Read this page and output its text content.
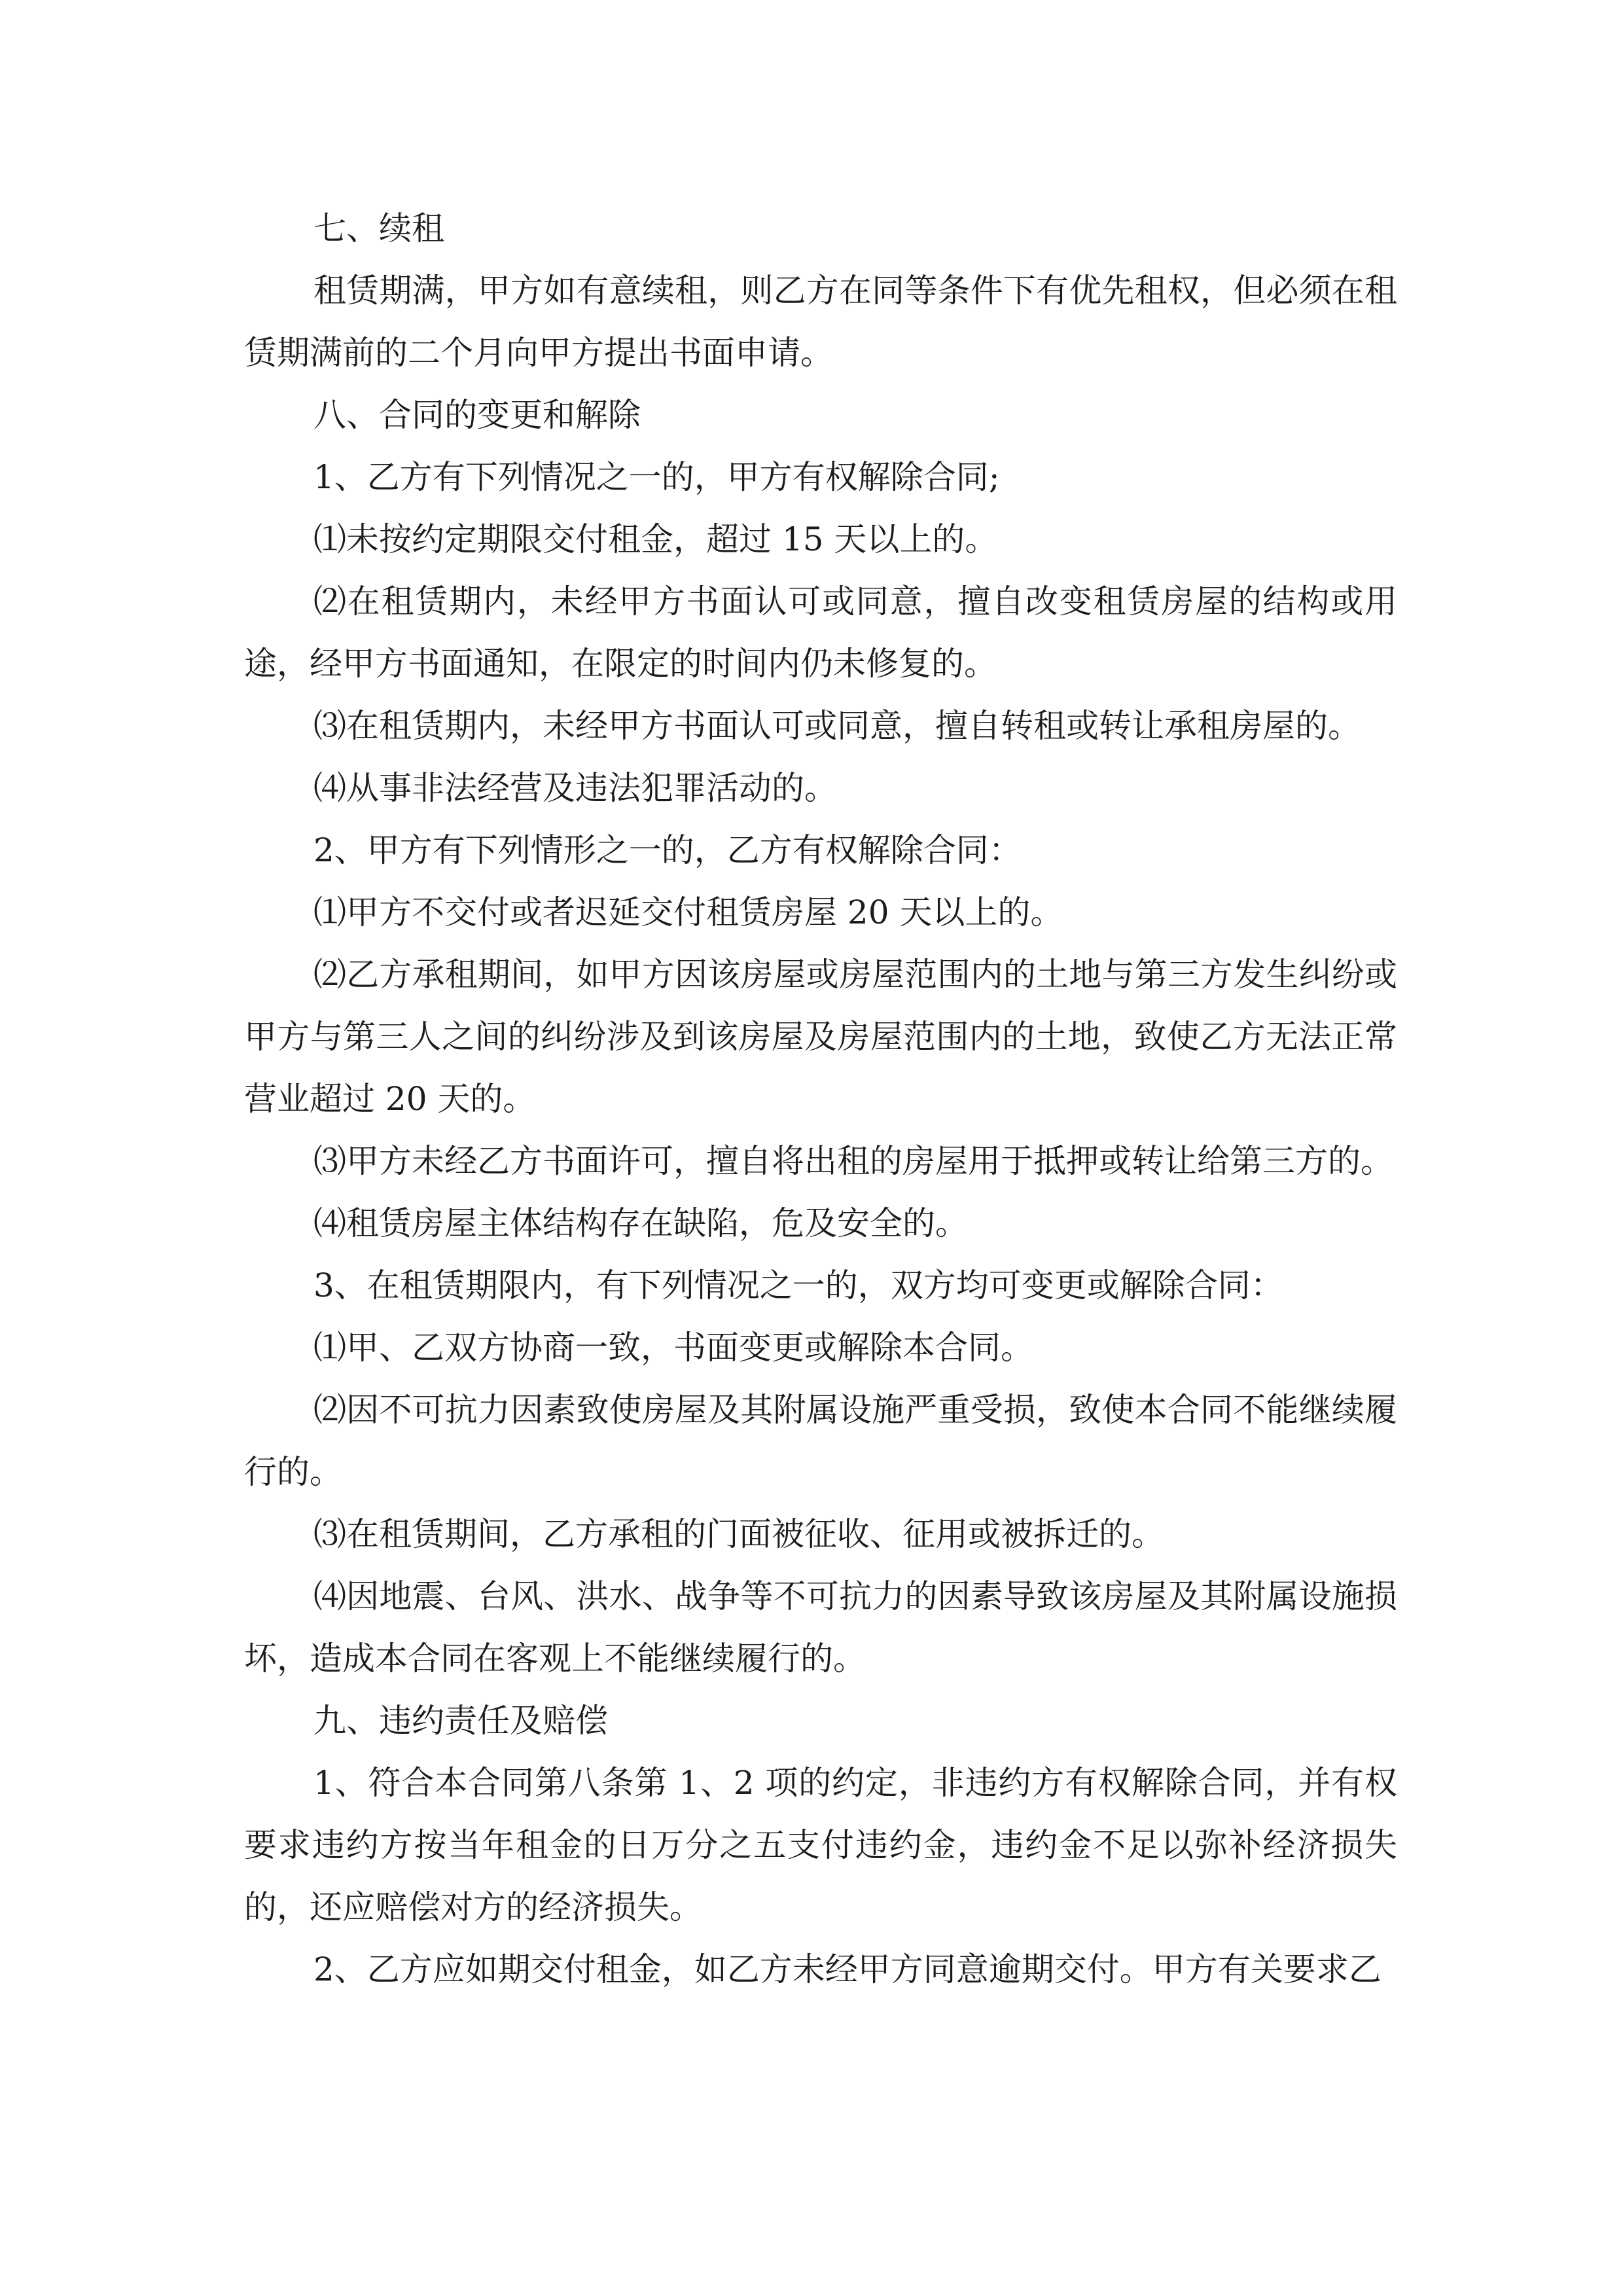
七、续租

租赁期满，甲方如有意续租，则乙方在同等条件下有优先租权，但必须在租赁期满前的二个月向甲方提出书面申请。

八、合同的变更和解除

1、乙方有下列情况之一的，甲方有权解除合同;

⑴未按约定期限交付租金，超过 15 天以上的。

⑵在租赁期内，未经甲方书面认可或同意，擅自改变租赁房屋的结构或用途，经甲方书面通知，在限定的时间内仍未修复的。

⑶在租赁期内，未经甲方书面认可或同意，擅自转租或转让承租房屋的。

⑷从事非法经营及违法犯罪活动的。

2、甲方有下列情形之一的，乙方有权解除合同：

⑴甲方不交付或者迟延交付租赁房屋 20 天以上的。

⑵乙方承租期间，如甲方因该房屋或房屋范围内的土地与第三方发生纠纷或甲方与第三人之间的纠纷涉及到该房屋及房屋范围内的土地，致使乙方无法正常营业超过 20 天的。

⑶甲方未经乙方书面许可，擅自将出租的房屋用于抵押或转让给第三方的。

⑷租赁房屋主体结构存在缺陷，危及安全的。

3、在租赁期限内，有下列情况之一的，双方均可变更或解除合同：

⑴甲、乙双方协商一致，书面变更或解除本合同。

⑵因不可抗力因素致使房屋及其附属设施严重受损，致使本合同不能继续履行的。

⑶在租赁期间，乙方承租的门面被征收、征用或被拆迁的。

⑷因地震、台风、洪水、战争等不可抗力的因素导致该房屋及其附属设施损坏，造成本合同在客观上不能继续履行的。

九、违约责任及赔偿

1、符合本合同第八条第 1、2 项的约定，非违约方有权解除合同，并有权要求违约方按当年租金的日万分之五支付违约金，违约金不足以弥补经济损失的，还应赔偿对方的经济损失。

2、乙方应如期交付租金，如乙方未经甲方同意逾期交付。甲方有关要求乙
